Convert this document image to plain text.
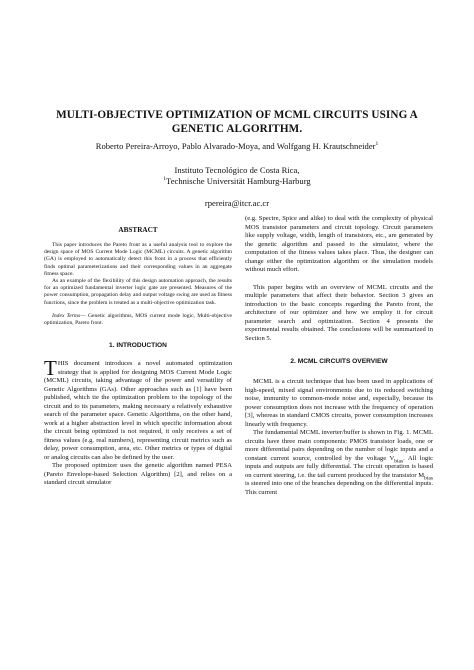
MULTI-OBJECTIVE OPTIMIZATION OF MCML CIRCUITS USING A GENETIC ALGORITHM.
Roberto Pereira-Arroyo, Pablo Alvarado-Moya, and Wolfgang H. Krautschneider$^1$
Instituto Tecnológico de Costa Rica,
$^1$Technische Universität Hamburg-Harburg
rpereira@itcr.ac.cr

ABSTRACT

This paper introduces the Pareto front as a useful analysis tool to explore the design space of MOS Current Mode Logic (MCML) circuits. A genetic algorithm (GA) is employed to automatically detect this front in a process that efficiently finds optimal parameterizations and their corresponding values in an aggregate fitness space.

As an example of the flexibility of this design automation approach, the results for an optimized fundamental inverter logic gate are presented. Measures of the power consumption, propagation delay and output voltage swing are used as fitness functions, since the problem is treated as a multi-objective optimization task.

Index Terms— Genetic algorithms, MOS current mode logic, Multi-objective optimization, Pareto front.

1. INTRODUCTION

THIS document introduces a novel automated optimization strategy that is applied for designing MOS Current Mode Logic (MCML) circuits, taking advantage of the power and versatility of Genetic Algorithms (GAs). Other approaches such as [1] have been published, which tie the optimization problem to the topology of the circuit and to its parameters, making necessary a relatively exhaustive search of the parameter space. Genetic Algorithms, on the other hand, work at a higher abstraction level in which specific information about the circuit being optimized is not required, it only receives a set of fitness values (e.g. real numbers), representing circuit metrics such as delay, power consumption, area, etc. Other metrics or types of digital or analog circuits can also be defined by the user.

The proposed optimizer uses the genetic algorithm named PESA (Pareto Envelope-based Selection Algorithm) [2], and relies on a standard circuit simulator

(e.g. Spectre, Spice and alike) to deal with the complexity of physical MOS transistor parameters and circuit topology. Circuit parameters like supply voltage, width, length of transistors, etc., are generated by the genetic algorithm and passed to the simulator, where the computation of the fitness values takes place. Thus, the designer can change either the optimization algorithm or the simulation models without much effort.

This paper begins with an overview of MCML circuits and the multiple parameters that affect their behavior. Section 3 gives an introduction to the basic concepts regarding the Pareto front, the architecture of our optimizer and how we employ it for circuit parameter search and optimization. Section 4 presents the experimental results obtained. The conclusions will be summarized in Section 5.

2. MCML CIRCUITS OVERVIEW

MCML is a circuit technique that has been used in applications of high-speed, mixed signal environments due to its reduced switching noise, immunity to common-mode noise and, especially, because its power consumption does not increase with the frequency of operation [3], whereas in standard CMOS circuits, power consumption increases linearly with frequency.

The fundamental MCML inverter/buffer is shown in Fig. 1. MCML circuits have three main components: PMOS transistor loads, one or more differential pairs depending on the number of logic inputs and a constant current source, controlled by the voltage $V_{bias}$. All logic inputs and outputs are fully differential. The circuit operation is based on current steering, i.e. the tail current produced by the transistor $M_{bias}$ is steered into one of the branches depending on the differential inputs. This current
